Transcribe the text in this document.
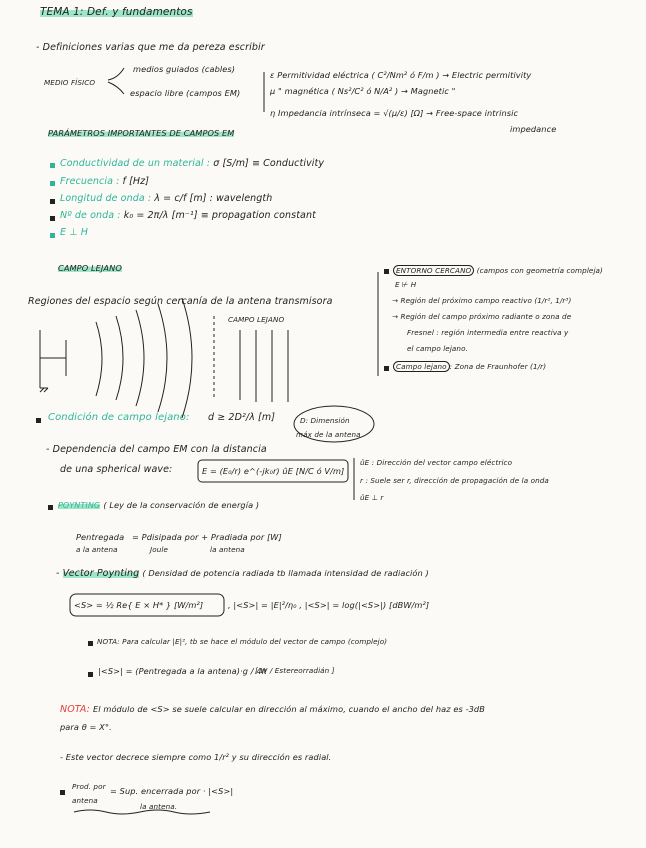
TEMA 1: Def. y fundamentos
- Definiciones varias que me da pereza escribir
MEDIO FÍSICO
medios guiados (cables)
espacio libre (campos EM)
ε Permitividad eléctrica ( C²/Nm² ó F/m ) → Electric permitivity
μ " magnética ( Ns²/C² ó N/A² ) → Magnetic "
η Impedancia intrínseca = √(μ/ε) [Ω] → Free-space intrinsic
impedance
PARÁMETROS IMPORTANTES DE CAMPOS EM
Conductividad de un material : σ [S/m] ≡ Conductivity
Frecuencia : f [Hz]
Longitud de onda : λ = c/f [m] : wavelength
Nº de onda : k₀ = 2π/λ [m⁻¹] ≡ propagation constant
E ⊥ H
CAMPO LEJANO
Regiones del espacio según cercanía de la antena transmisora
CAMPO LEJANO
ENTORNO CERCANO (campos con geometría compleja)
E ⊬ H
→ Región del próximo campo reactivo (1/r², 1/r³)
→ Región del campo próximo radiante o zona de
Fresnel : región intermedia entre reactiva y
el campo lejano.
Campo lejano : Zona de Fraunhofer (1/r)
Condición de campo lejano: d ≥ 2D²/λ [m]	D: Dimensión
máx de la antena
- Dependencia del campo EM con la distancia
de una spherical wave:	E = (E₀/r) e^(-jk₀r) ûE [N/C ó V/m]
ûE : Dirección del vector campo eléctrico
r : Suele ser r, dirección de propagación de la onda
ûE ⊥ r
POYNTING ( Ley de la conservación de energía )
Pentregada
a la antena
= Pdisipada por + Pradiada por [W]
Joule	la antena
- Vector Poynting ( Densidad de potencia radiada tb llamada intensidad de radiación )
<S> = ½ Re{ E × H* } [W/m²]	, |<S>| = |E|²/η₀ , |<S>| = log(|<S>|) [dBW/m²]
NOTA: Para calcular |E|², tb se hace el módulo del vector de campo (complejo)
|<S>| = (Pentregada a la antena)·g / 4π
[ W / Estereorradián ]
NOTA: El módulo de <S> se suele calcular en dirección al máximo, cuando el ancho del haz es -3dB
para θ = X°.
- Este vector decrece siempre como 1/r² y su dirección es radial.
Prod. por
antena
= Sup. encerrada por · |<S>|
la antena.
